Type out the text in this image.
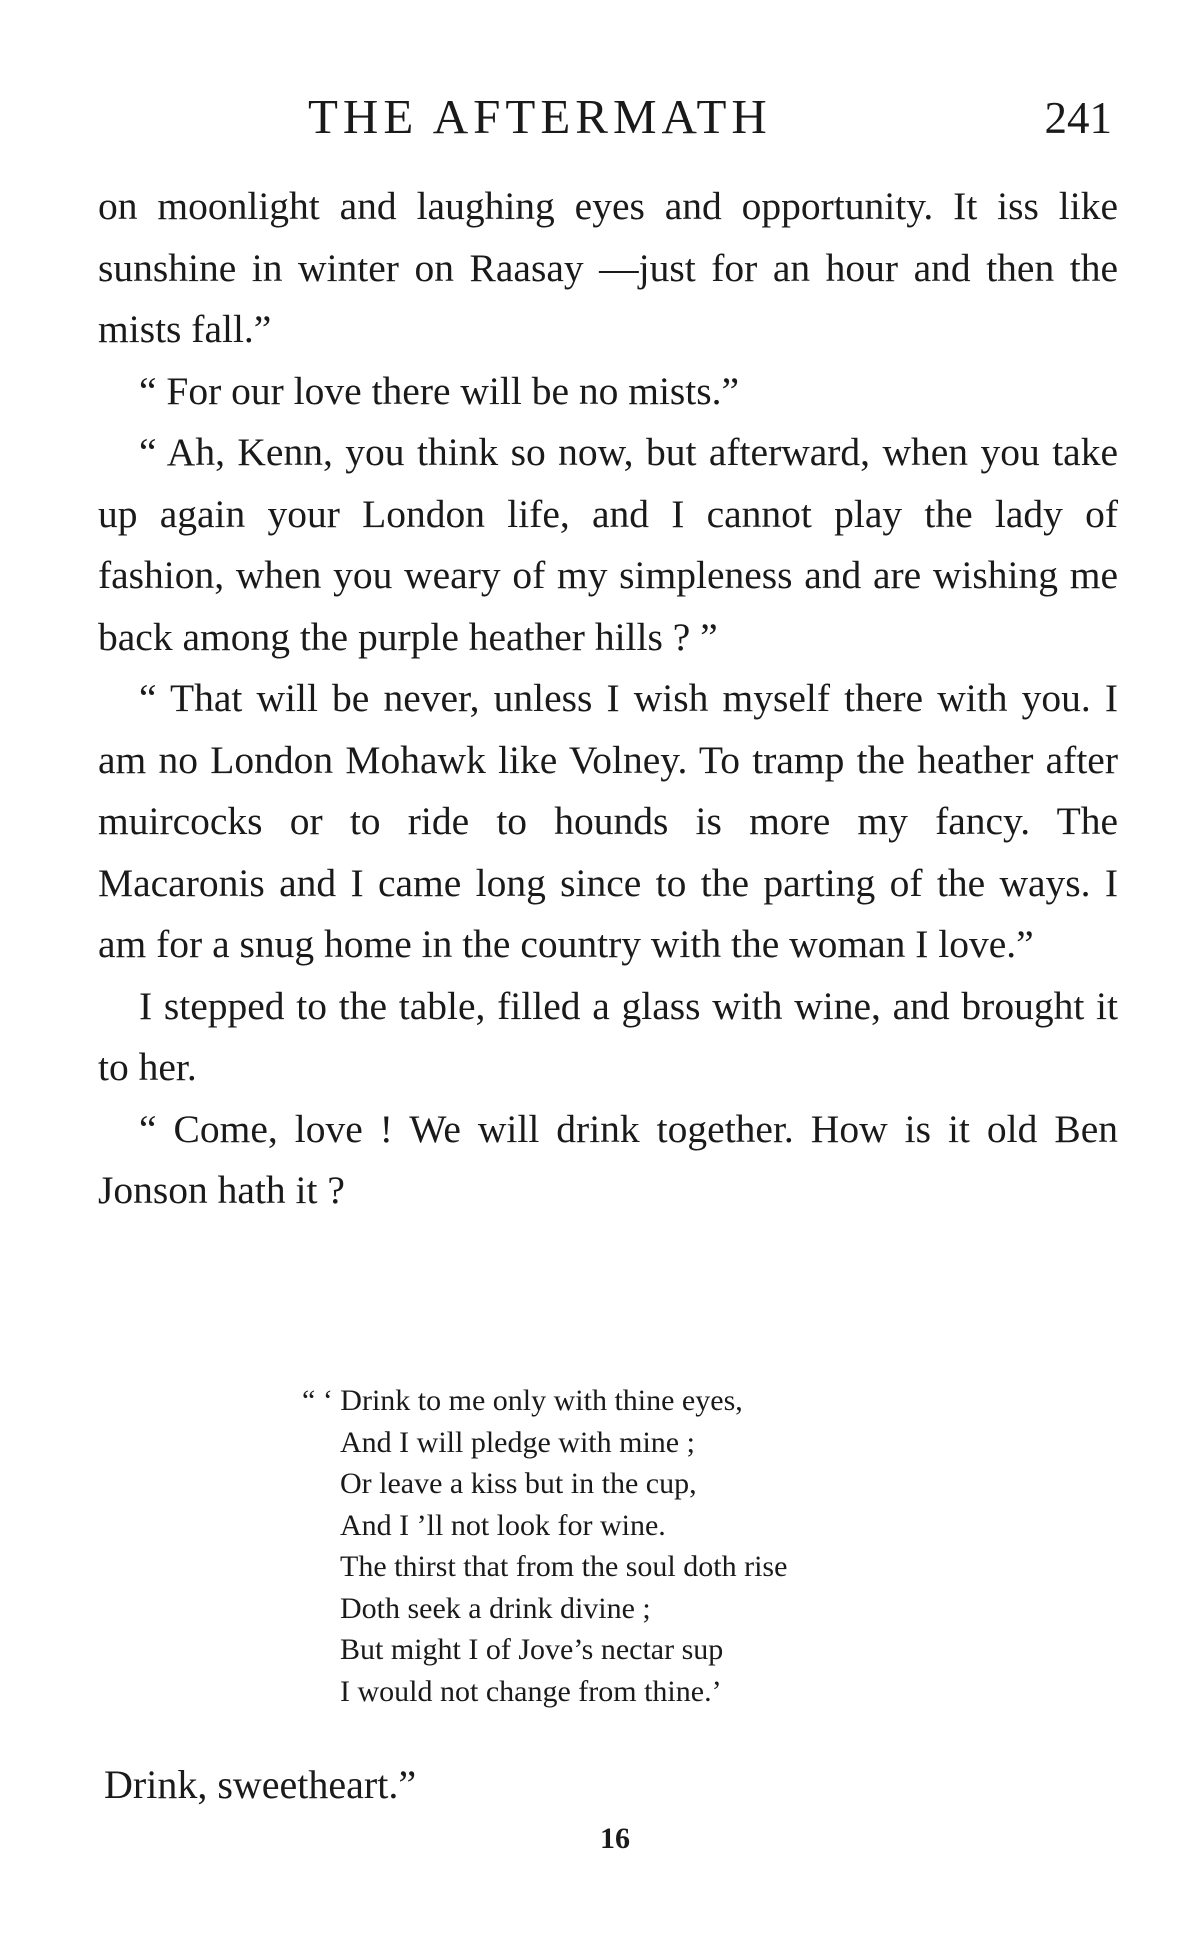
THE AFTERMATH	241

on moonlight and laughing eyes and opportunity. It iss like sunshine in winter on Raasay —just for an hour and then the mists fall.”

“ For our love there will be no mists.”

“ Ah, Kenn, you think so now, but afterward, when you take up again your London life, and I cannot play the lady of fashion, when you weary of my simpleness and are wishing me back among the purple heather hills ? ”

“ That will be never, unless I wish myself there with you. I am no London Mohawk like Volney. To tramp the heather after muircocks or to ride to hounds is more my fancy. The Macaronis and I came long since to the parting of the ways. I am for a snug home in the country with the woman I love.”

I stepped to the table, filled a glass with wine, and brought it to her.

“ Come, love ! We will drink together. How is it old Ben Jonson hath it ?

“ ‘ Drink to me only with thine eyes,
And I will pledge with mine ;
Or leave a kiss but in the cup,
And I ’ll not look for wine.
The thirst that from the soul doth rise
Doth seek a drink divine ;
But might I of Jove’s nectar sup
I would not change from thine.’
Drink, sweetheart.”
16
